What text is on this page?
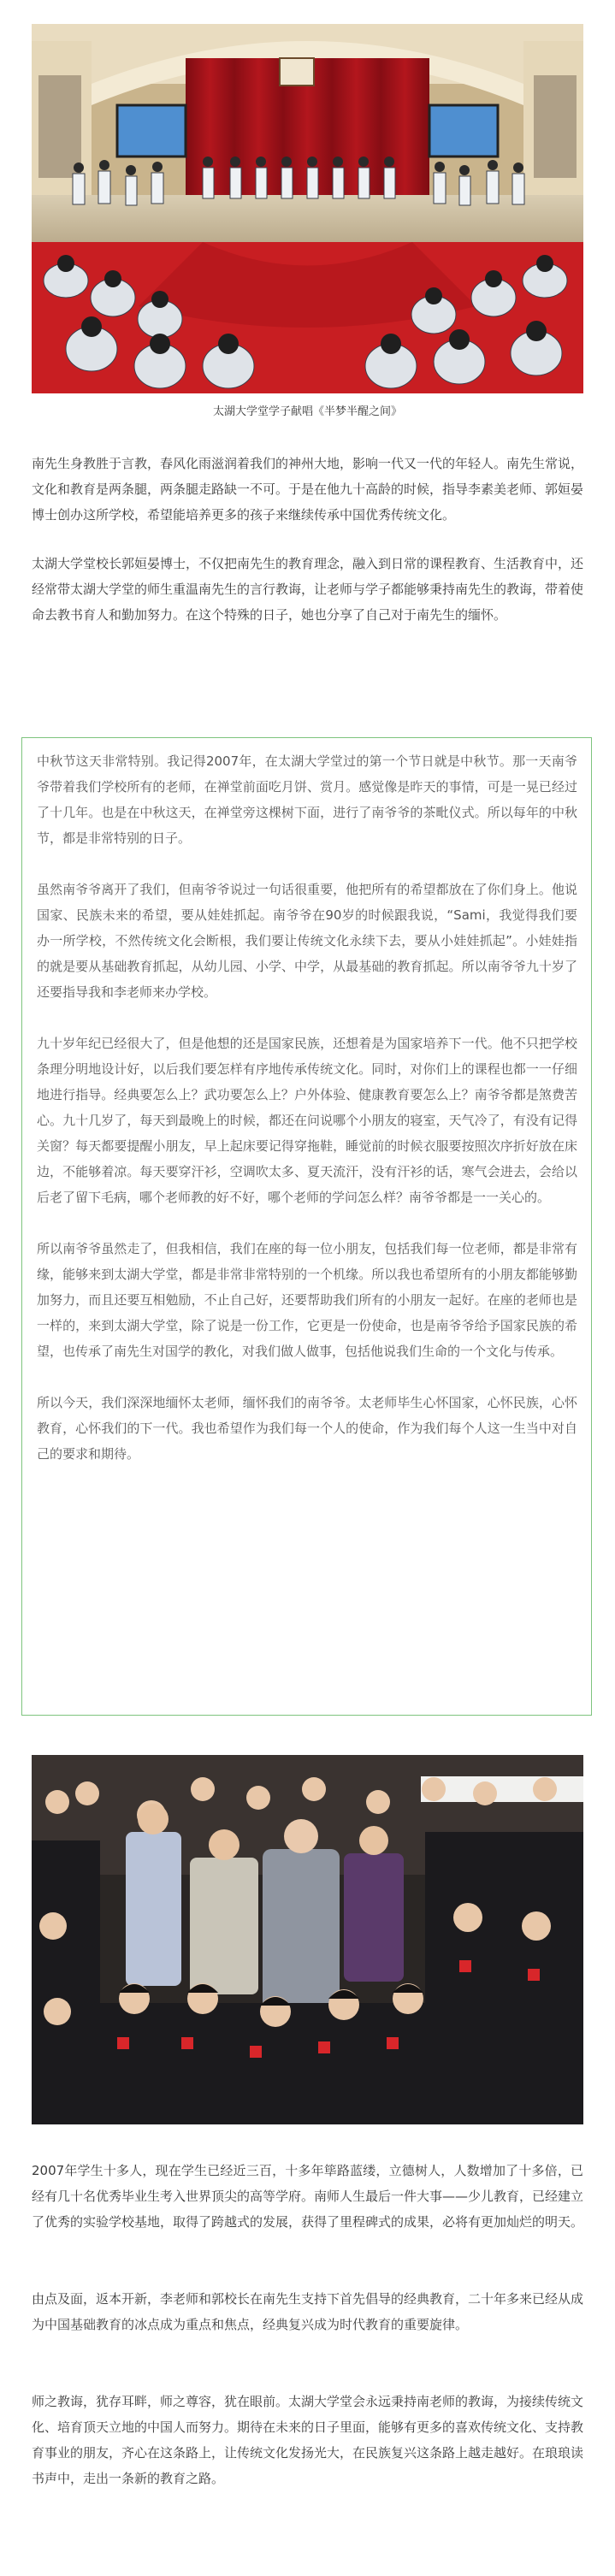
太湖大学堂学子献唱《半梦半醒之间》

南先生身教胜于言教，春风化雨滋润着我们的神州大地，影响一代又一代的年轻人。南先生常说，文化和教育是两条腿，两条腿走路缺一不可。于是在他九十高龄的时候，指导李素美老师、郭姮晏博士创办这所学校，希望能培养更多的孩子来继续传承中国优秀传统文化。

太湖大学堂校长郭姮晏博士，不仅把南先生的教育理念，融入到日常的课程教育、生活教育中，还经常带太湖大学堂的师生重温南先生的言行教诲，让老师与学子都能够秉持南先生的教诲，带着使命去教书育人和勤加努力。在这个特殊的日子，她也分享了自己对于南先生的缅怀。

中秋节这天非常特别。我记得2007年，在太湖大学堂过的第一个节日就是中秋节。那一天南爷爷带着我们学校所有的老师，在禅堂前面吃月饼、赏月。感觉像是昨天的事情，可是一晃已经过了十几年。也是在中秋这天，在禅堂旁这棵树下面，进行了南爷爷的茶毗仪式。所以每年的中秋节，都是非常特别的日子。

虽然南爷爷离开了我们，但南爷爷说过一句话很重要，他把所有的希望都放在了你们身上。他说国家、民族未来的希望，要从娃娃抓起。南爷爷在90岁的时候跟我说，“Sami，我觉得我们要办一所学校，不然传统文化会断根，我们要让传统文化永续下去，要从小娃娃抓起”。小娃娃指的就是要从基础教育抓起，从幼儿园、小学、中学，从最基础的教育抓起。所以南爷爷九十岁了还要指导我和李老师来办学校。

九十岁年纪已经很大了，但是他想的还是国家民族，还想着是为国家培养下一代。他不只把学校条理分明地设计好，以后我们要怎样有序地传承传统文化。同时，对你们上的课程也都一一仔细地进行指导。经典要怎么上？武功要怎么上？户外体验、健康教育要怎么上？南爷爷都是煞费苦心。九十几岁了，每天到最晚上的时候，都还在问说哪个小朋友的寝室，天气冷了，有没有记得关窗？每天都要提醒小朋友，早上起床要记得穿拖鞋，睡觉前的时候衣服要按照次序折好放在床边，不能够着凉。每天要穿汗衫，空调吹太多、夏天流汗，没有汗衫的话，寒气会进去，会给以后老了留下毛病，哪个老师教的好不好，哪个老师的学问怎么样？南爷爷都是一一关心的。

所以南爷爷虽然走了，但我相信，我们在座的每一位小朋友，包括我们每一位老师，都是非常有缘，能够来到太湖大学堂，都是非常非常特别的一个机缘。所以我也希望所有的小朋友都能够勤加努力，而且还要互相勉励，不止自己好，还要帮助我们所有的小朋友一起好。在座的老师也是一样的，来到太湖大学堂，除了说是一份工作，它更是一份使命，也是南爷爷给予国家民族的希望，也传承了南先生对国学的教化，对我们做人做事，包括他说我们生命的一个文化与传承。

所以今天，我们深深地缅怀太老师，缅怀我们的南爷爷。太老师毕生心怀国家，心怀民族，心怀教育，心怀我们的下一代。我也希望作为我们每一个人的使命，作为我们每个人这一生当中对自己的要求和期待。

2007年学生十多人，现在学生已经近三百，十多年筚路蓝缕，立德树人，人数增加了十多倍，已经有几十名优秀毕业生考入世界顶尖的高等学府。南师人生最后一件大事——少儿教育，已经建立了优秀的实验学校基地，取得了跨越式的发展，获得了里程碑式的成果，必将有更加灿烂的明天。

由点及面，返本开新，李老师和郭校长在南先生支持下首先倡导的经典教育，二十年多来已经从成为中国基础教育的冰点成为重点和焦点，经典复兴成为时代教育的重要旋律。

师之教诲，犹存耳畔，师之尊容，犹在眼前。太湖大学堂会永远秉持南老师的教诲，为接续传统文化、培育顶天立地的中国人而努力。期待在未来的日子里面，能够有更多的喜欢传统文化、支持教育事业的朋友，齐心在这条路上，让传统文化发扬光大，在民族复兴这条路上越走越好。在琅琅读书声中，走出一条新的教育之路。
